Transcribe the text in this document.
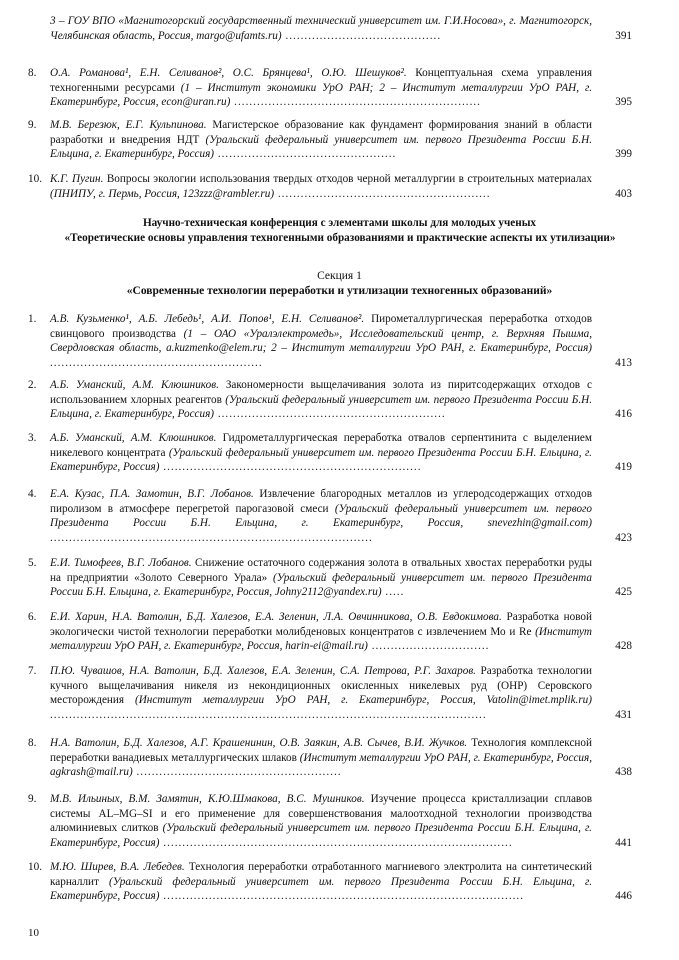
3 – ГОУ ВПО «Магнитогорский государственный технический университет им. Г.И.Носова», г. Магнитогорск, Челябинская область, Россия, margo@ufamts.ru) .........................................	391
8.	О.А. Романова¹, Е.Н. Селиванов², О.С. Брянцева¹, О.Ю. Шешуков². Концептуальная схема управления техногенными ресурсами (1 – Институт экономики УрО РАН; 2 – Институт металлургии УрО РАН, г. Екатеринбург, Россия, econ@uran.ru) .................................................................	395
9.	М.В. Березюк, Е.Г. Кульпинова. Магистерское образование как фундамент формирования знаний в области разработки и внедрения НДТ (Уральский федеральный университет им. первого Президента России Б.Н. Ельцина, г. Екатеринбург, Россия) ...............................................	399
10. К.Г. Пугин. Вопросы экологии использования твердых отходов черной металлургии в строительных материалах (ПНИПУ, г. Пермь, Россия, 123zzz@rambler.ru) ........................................................	403
Научно-техническая конференция с элементами школы для молодых ученых
«Теоретические основы управления техногенными образованиями и практические аспекты их утилизации»
Секция 1
«Современные технологии переработки и утилизации техногенных образований»
1.	А.В. Кузьменко¹, А.Б. Лебедь¹, А.И. Попов¹, Е.Н. Селиванов². Пирометаллургическая переработка отходов свинцового производства (1 – ОАО «Уралэлектромедь», Исследовательский центр, г. Верхняя Пышма, Свердловская область, a.kuzmenko@elem.ru; 2 – Институт металлургии УрО РАН, г. Екатеринбург, Россия) ........................................................	413
2.	А.Б. Уманский, А.М. Клюшников. Закономерности выщелачивания золота из пиритсодержащих отходов с использованием хлорных реагентов (Уральский федеральный университет им. первого Президента России Б.Н. Ельцина, г. Екатеринбург, Россия) ............................................................	416
3.	А.Б. Уманский, А.М. Клюшников. Гидрометаллургическая переработка отвалов серпентинита с выделением никелевого концентрата (Уральский федеральный университет им. первого Президента России Б.Н. Ельцина, г. Екатеринбург, Россия) ....................................................................	419
4.	Е.А. Кузас, П.А. Замотин, В.Г. Лобанов. Извлечение благородных металлов из углеродсодержащих отходов пиролизом в атмосфере перегретой парогазовой смеси (Уральский федеральный университет им. первого Президента России Б.Н. Ельцина, г. Екатеринбург, Россия, snevezhin@gmail.com) .....................................................................................	423
5.	Е.И. Тимофеев, В.Г. Лобанов. Снижение остаточного содержания золота в отвальных хвостах переработки руды на предприятии «Золото Северного Урала» (Уральский федеральный университет им. первого Президента России Б.Н. Ельцина, г. Екатеринбург, Россия, Johny2112@yandex.ru) .....	425
6.	Е.И. Харин, Н.А. Ватолин, Б.Д. Халезов, Е.А. Зеленин, Л.А. Овчинникова, О.В. Евдокимова. Разработка новой экологически чистой технологии переработки молибденовых концентратов с извлечением Мо и Re (Институт металлургии УрО РАН, г. Екатеринбург, Россия, harin-ei@mail.ru) ...............................	428
7.	П.Ю. Чувашов, Н.А. Ватолин, Б.Д. Халезов, Е.А. Зеленин, С.А. Петрова, Р.Г. Захаров. Разработка технологии кучного выщелачивания никеля из некондиционных окисленных никелевых руд (ОНР) Серовского месторождения (Институт металлургии УрО РАН, г. Екатеринбург, Россия, Vatolin@imet.mplik.ru) ...................................................................................................................	431
8.	Н.А. Ватолин, Б.Д. Халезов, А.Г. Крашенинин, О.В. Заякин, А.В. Сычев, В.И. Жучков. Технология комплексной переработки ванадиевых металлургических шлаков (Институт металлургии УрО РАН, г. Екатеринбург, Россия, agkrash@mail.ru) ......................................................	438
9.	М.В. Ильиных, В.М. Замятин, К.Ю.Шмакова, В.С. Мушников. Изучение процесса кристаллизации сплавов системы AL–MG–SI и его применение для совершенствования малоотходной технологии производства алюминиевых слитков (Уральский федеральный университет им. первого Президента России Б.Н. Ельцина, г. Екатеринбург, Россия) ............................................................................................	441
10. М.Ю. Ширев, В.А. Лебедев. Технология переработки отработанного магниевого электролита на синтетический карналлит (Уральский федеральный университет им. первого Президента России Б.Н. Ельцина, г. Екатеринбург, Россия) ...............................................................................................	446
10
